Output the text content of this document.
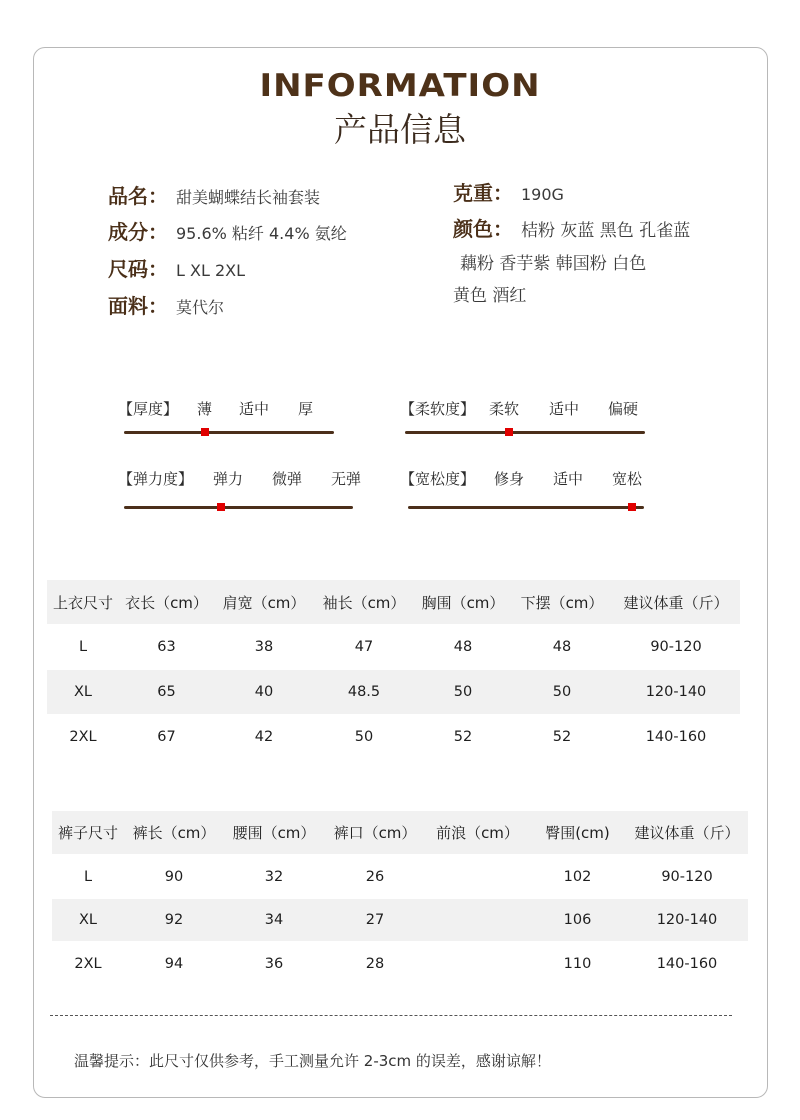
INFORMATION
产品信息
品名： 甜美蝴蝶结长袖套装
成分： 95.6% 粘纤 4.4% 氨纶
尺码： L XL 2XL
面料： 莫代尔
克重： 190G
颜色： 桔粉 灰蓝 黑色 孔雀蓝
藕粉 香芋紫 韩国粉 白色
黄色 酒红
【厚度】 薄 适中 厚	【柔软度】 柔软 适中 偏硬
【弹力度】 弹力 微弹 无弹	【宽松度】 修身 适中 宽松
上衣尺寸	衣长（cm）	肩宽（cm）	袖长（cm）	胸围（cm）	下摆（cm）	建议体重（斤）
L	63	38	47	48	48	90-120
XL	65	40	48.5	50	50	120-140
2XL	67	42	50	52	52	140-160
裤子尺寸	裤长（cm）	腰围（cm）	裤口（cm）	前浪（cm）	臀围(cm)	建议体重（斤）
L	90	32	26		102	90-120
XL	92	34	27		106	120-140
2XL	94	36	28		110	140-160
温馨提示：此尺寸仅供参考，手工测量允许 2-3cm 的误差，感谢谅解！
